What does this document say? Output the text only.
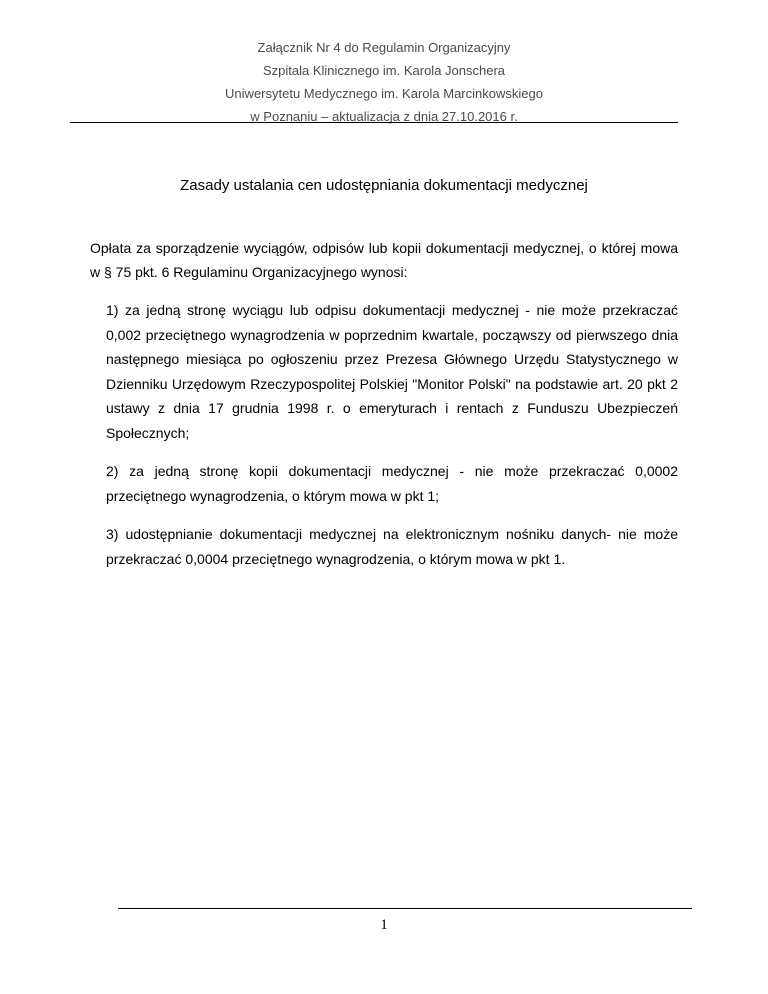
Załącznik Nr 4 do Regulamin Organizacyjny
Szpitala Klinicznego im. Karola Jonschera
Uniwersytetu Medycznego im. Karola Marcinkowskiego
w Poznaniu – aktualizacja z dnia 27.10.2016 r.
Zasady ustalania cen udostępniania dokumentacji medycznej
Opłata za sporządzenie wyciągów, odpisów lub kopii dokumentacji medycznej, o której mowa w § 75 pkt. 6 Regulaminu Organizacyjnego wynosi:

1) za jedną stronę wyciągu lub odpisu dokumentacji medycznej - nie może przekraczać 0,002 przeciętnego wynagrodzenia w poprzednim kwartale, począwszy od pierwszego dnia następnego miesiąca po ogłoszeniu przez Prezesa Głównego Urzędu Statystycznego w Dzienniku Urzędowym Rzeczypospolitej Polskiej "Monitor Polski" na podstawie art. 20 pkt 2 ustawy z dnia 17 grudnia 1998 r. o emeryturach i rentach z Funduszu Ubezpieczeń Społecznych;

2) za jedną stronę kopii dokumentacji medycznej - nie może przekraczać 0,0002 przeciętnego wynagrodzenia, o którym mowa w pkt 1;

3) udostępnianie dokumentacji medycznej na elektronicznym nośniku danych- nie może przekraczać 0,0004 przeciętnego wynagrodzenia, o którym mowa w pkt 1.

1
